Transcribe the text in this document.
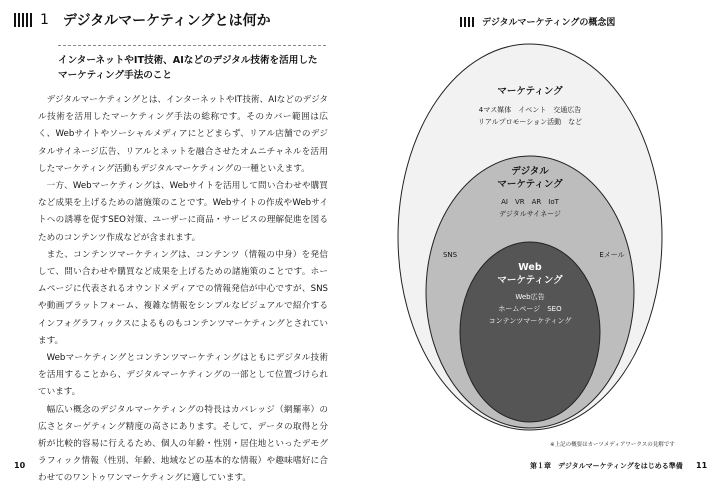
1 デジタルマーケティングとは何か
インターネットやIT技術、AIなどのデジタル技術を活用したマーケティング手法のこと

デジタルマーケティングとは、インターネットやIT技術、AIなどのデジタル技術を活用したマーケティング手法の総称です。そのカバー範囲は広く、Webサイトやソーシャルメディアにとどまらず、リアル店舗でのデジタルサイネージ広告、リアルとネットを融合させたオムニチャネルを活用したマーケティング活動もデジタルマーケティングの一種といえます。

一方、Webマーケティングは、Webサイトを活用して問い合わせや購買など成果を上げるための諸施策のことです。Webサイトの作成やWebサイトへの誘導を促すSEO対策、ユーザーに商品・サービスの理解促進を図るためのコンテンツ作成などが含まれます。

また、コンテンツマーケティングは、コンテンツ（情報の中身）を発信して、問い合わせや購買など成果を上げるための諸施策のことです。ホームページに代表されるオウンドメディアでの情報発信が中心ですが、SNSや動画プラットフォーム、複雑な情報をシンプルなビジュアルで紹介するインフォグラフィックスによるものもコンテンツマーケティングとされています。

Webマーケティングとコンテンツマーケティングはともにデジタル技術を活用することから、デジタルマーケティングの一部として位置づけられています。

幅広い概念のデジタルマーケティングの特長はカバレッジ（網羅率）の広さとターゲティング精度の高さにあります。そして、データの取得と分析が比較的容易に行えるため、個人の年齢・性別・居住地といったデモグラフィック情報（性別、年齢、地域などの基本的な情報）や趣味嗜好に合わせてのワントゥワンマーケティングに適しています。

10
デジタルマーケティングの概念図
マーケティング
4マス媒体　イベント　交通広告
リアルプロモーション活動　など
デジタル
マーケティング
AI　VR　AR　IoT
デジタルサイネージ
SNS	Eメール
Web
マーケティング
Web広告
ホームページ　SEO
コンテンツマーケティング
※上記の概要はカーツメディアワークスの見解です
第１章　デジタルマーケティングをはじめる準備 11
